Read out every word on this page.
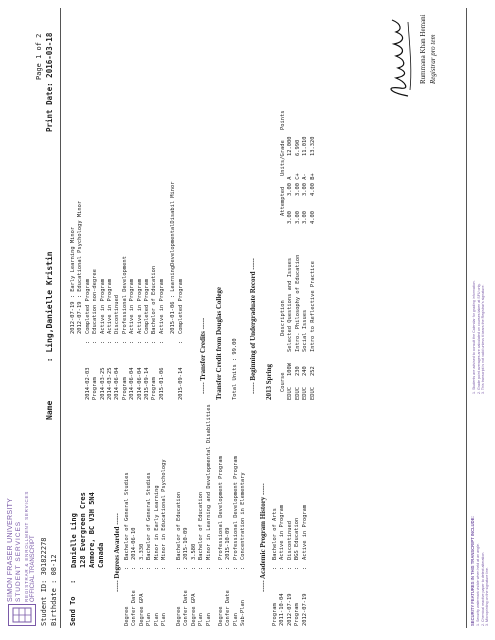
SIMON FRASER UNIVERSITY STUDENT SERVICES REGISTRAR & ENROLLMENT SERVICES OFFICIAL TRANSCRIPT
Student ID: 301822278
Birthdate : 08-12
Name        : Ling,Danielle Kristin
Page 1 of 2
Print Date: 2016-03-18
Send To   :
Danielle Ling 128 Evergreen Cres Anmore, BC V3H 5N4 Canada ----- Degrees Awarded -----
Degree
:
Bachelor of General Studies
Confer Date
:
2014-06-10
Degree GPA
:
3.330
Plan
:
Bachelor of General Studies
Plan
:
Minor in Early Learning
Plan
:
Minor in Educational Psychology
Degree
:
Bachelor of Education
Confer Date
:
2015-10-09
Degree GPA
:
3.580
Plan
:
Bachelor of Education
Plan
:
Minor in Learning and Developmental Disabilities
Degree
:
Professional Development Program
Confer Date
:
2015-10-09
Plan
:
Professional Development Program
Sub-Plan
:
Concentration in Elementary ----- Academic Program History -----
Program
:
Bachelor of Arts
2011-10-04
:
Active in Program
2012-07-19
:
Discontinued
Program
:
BGS Education
2012-07-19
:
Active in Program
2012-07-19 : Early Learning Minor 2012-07-19 : Educational Psychology Minor
2014-02-03
:
Completed Program
Program
:
Education non-degree
2014-03-25
:
Active in Program
2014-03-25
:
Active in Program
2014-06-04
:
Discontinued
Program
:
Professional Development
2014-06-04
:
Active in Program
2014-06-04
:
Active in Program
2015-09-14
:
Completed Program
Program
:
Bachelor of Education
2015-01-06
:
Active in Program 2015-01-06 : LearningDevelopmentalDisabil Minor
2015-09-14
:
Completed Program
----- Transfer Credits ----- Transfer Credit from Douglas College Total Units : 99.00 ----- Beginning of Undergraduate Record ----- 2013 Spring Course
Description
Attempted
Units/Grade
Points
EDUC
100W
Selected Questions and Issues
3.00
3.00 A
12.000
EDUC
230
Intro. Philosophy of Education
3.00
3.00 C+
6.990
EDUC
240
Social Issues
3.00
3.00 A-
11.010
EDUC
252
Intro to Reflective Practice
4.00
4.00 B+
13.320
Rummana Khan Hemani Registrar pro tem
SECURITY FEATURES IN THIS TRANSCRIPT INCLUDE: 1. Security watermark visible when held at an angle. 2. Chemical reactive paper to detect alteration. 3. Microprinting on the signature line.
1. Students are advised to consult the Calendar for grading information. 2. Grade point averages are calculated on courses taken at SFU only. 3. This transcript is not valid unless it bears the Registrar's signature.
